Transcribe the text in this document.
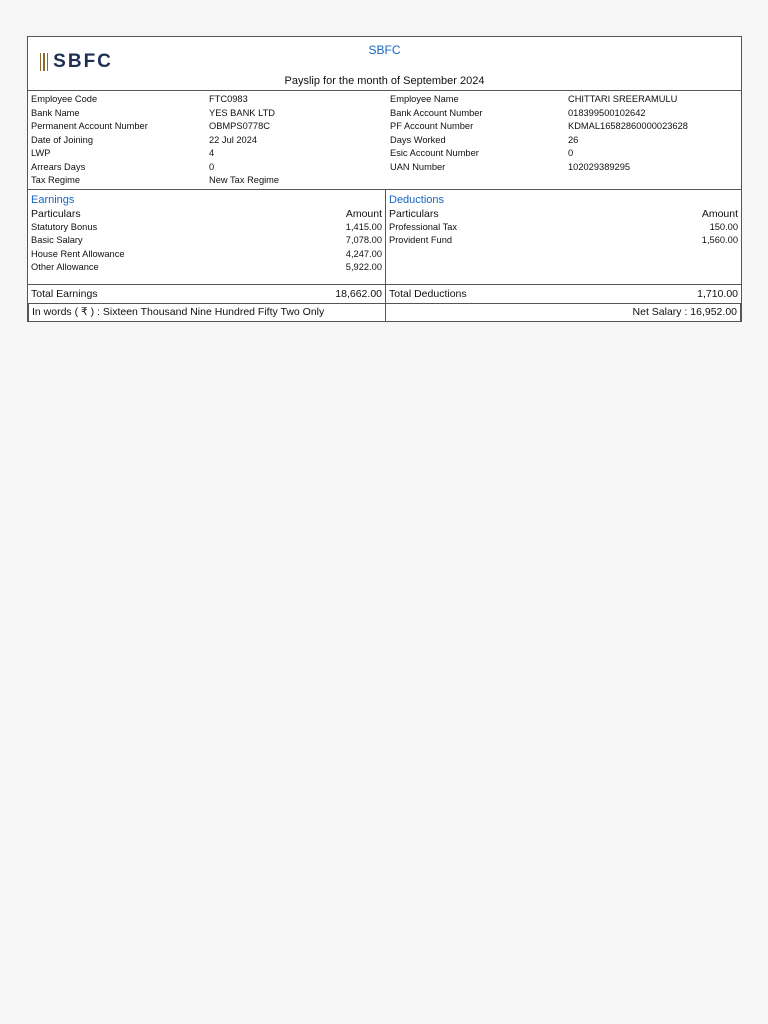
SBFC
SBFC
Payslip for the month of September 2024
Employee Code	FTC0983	Employee Name	CHITTARI SREERAMULU
Bank Name	YES BANK LTD	Bank Account Number	018399500102642
Permanent Account Number	OBMPS0778C	PF Account Number	KDMAL16582860000023628
Date of Joining	22 Jul 2024	Days Worked	26
LWP	4	Esic Account Number	0
Arrears Days	0	UAN Number	102029389295
Tax Regime	New Tax Regime
Earnings
Particulars	Amount
Statutory Bonus	1,415.00
Basic Salary	7,078.00
House Rent Allowance	4,247.00
Other Allowance	5,922.00
Deductions
Particulars	Amount
Professional Tax	150.00
Provident Fund	1,560.00
Total Earnings	18,662.00 Total Deductions	1,710.00
In words ( ₹ ) : Sixteen Thousand Nine Hundred Fifty Two Only	Net Salary : 16,952.00
